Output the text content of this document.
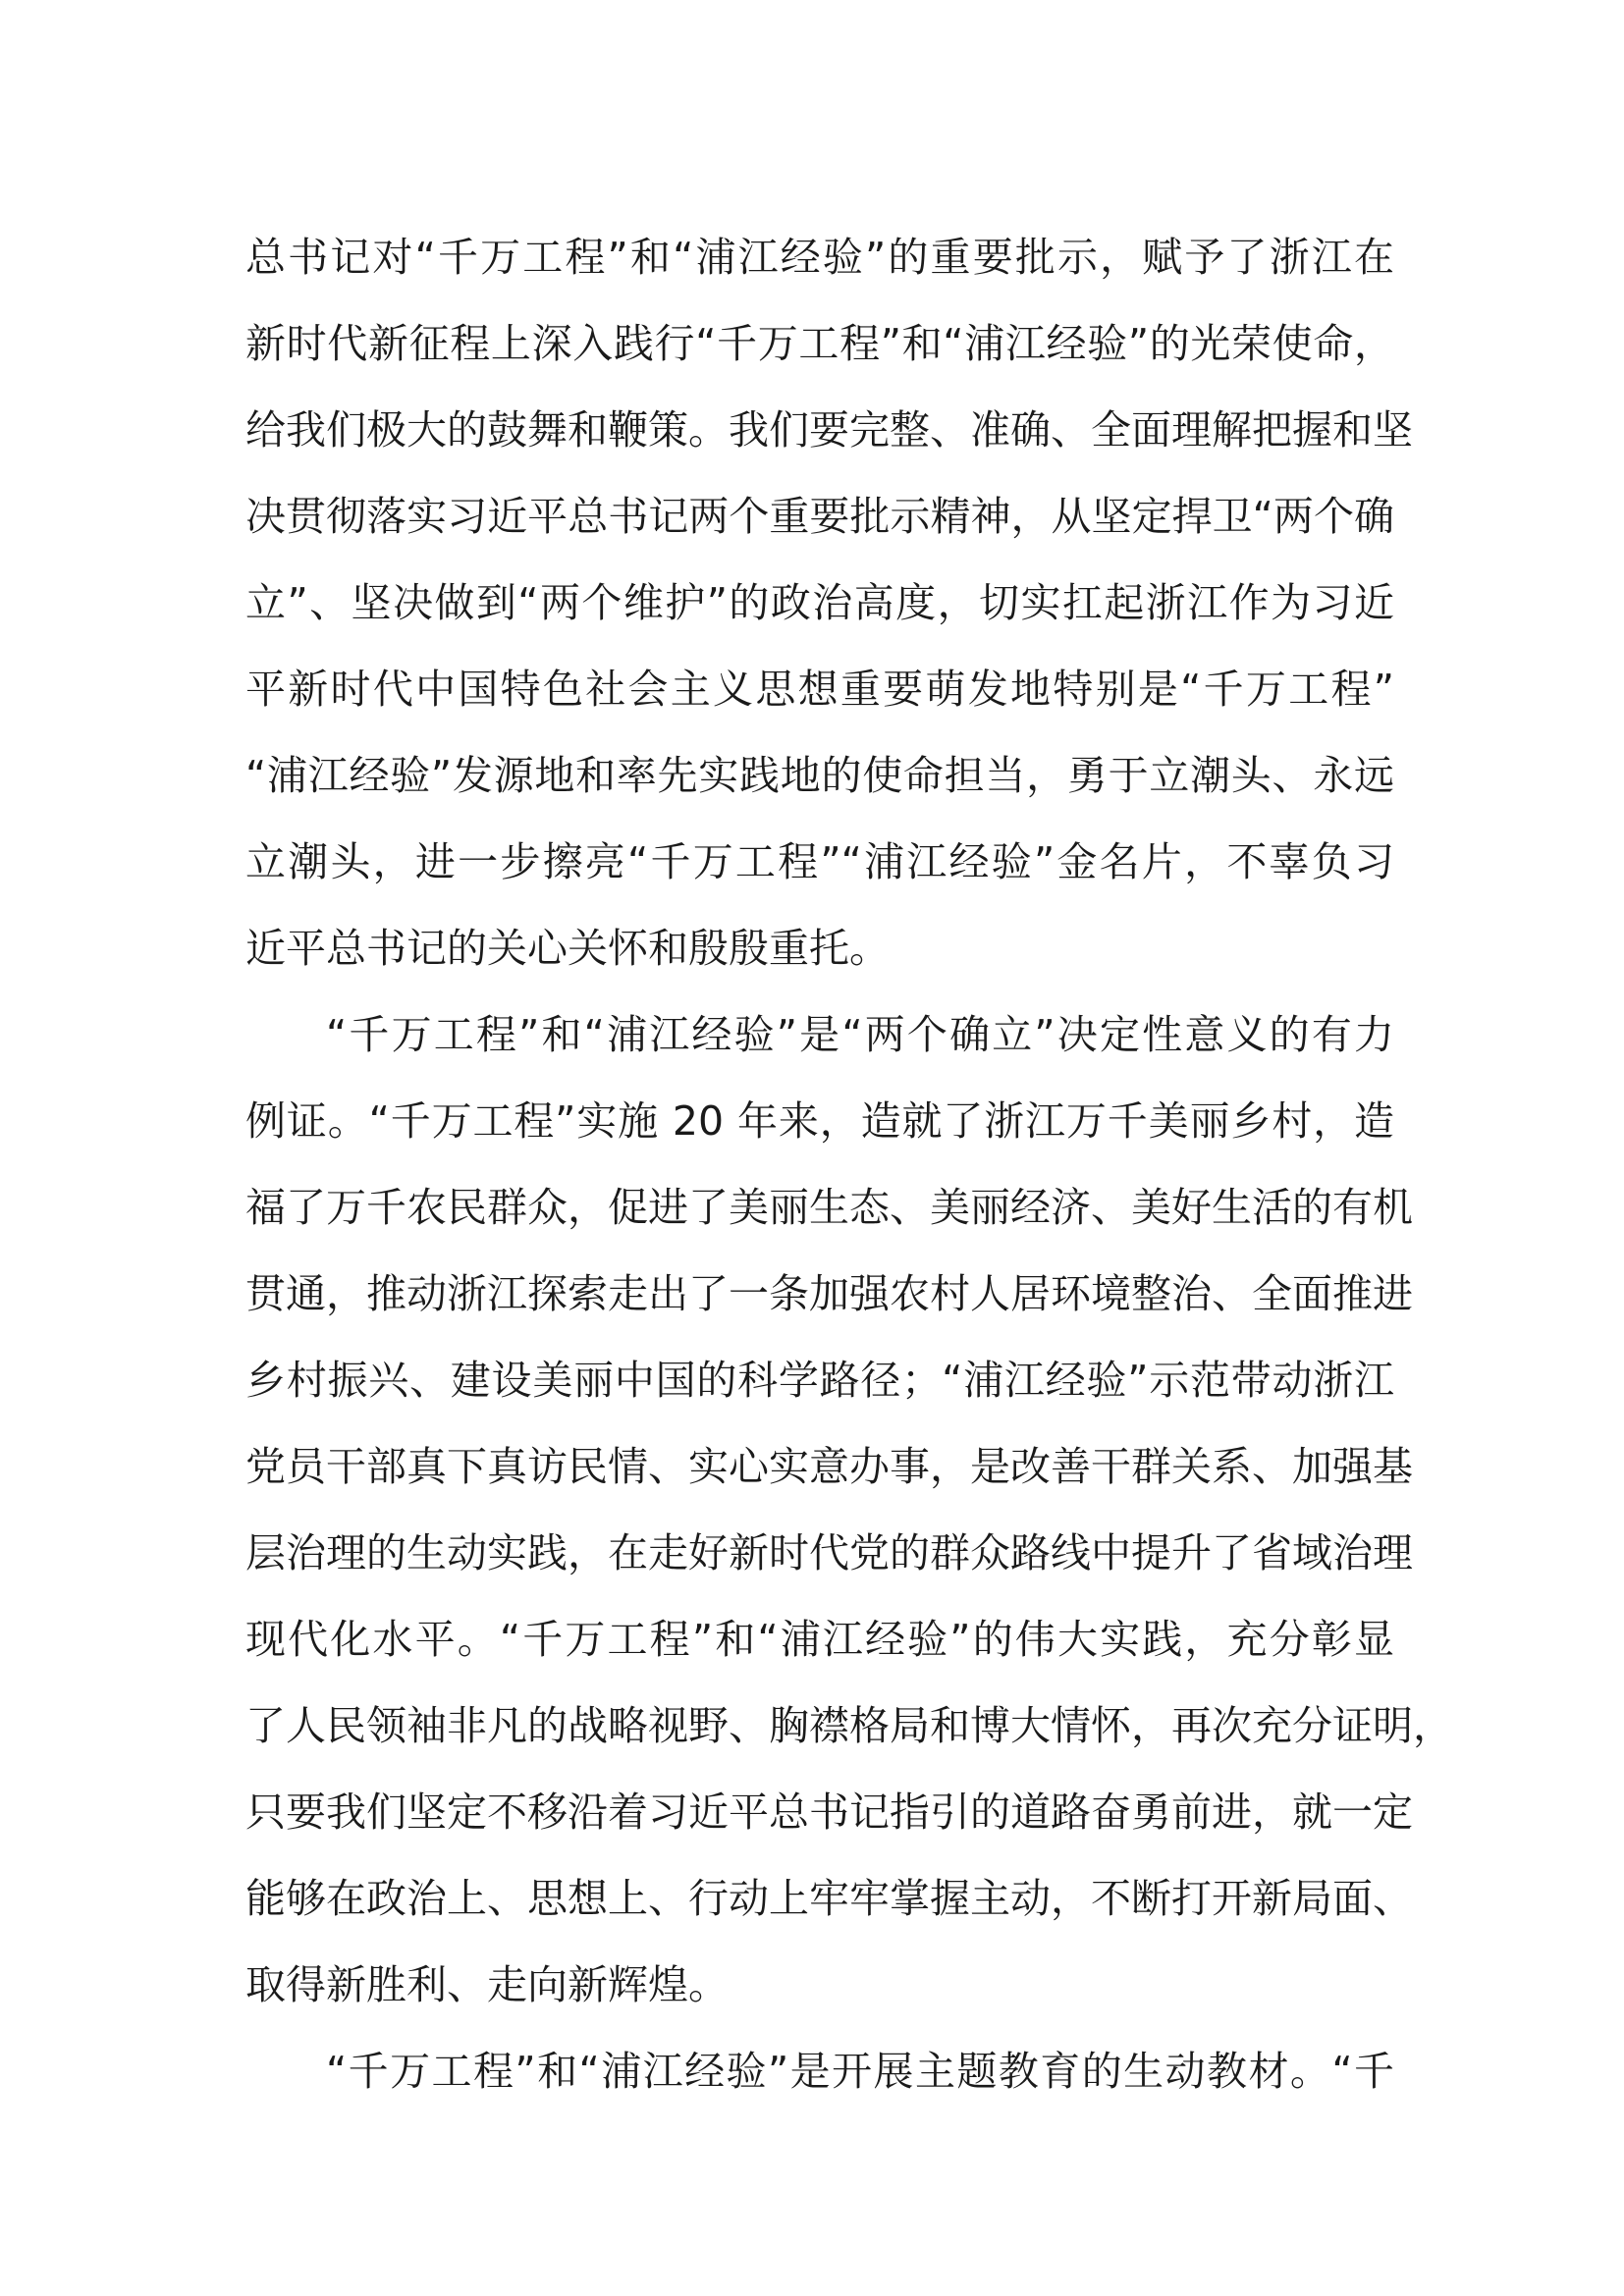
总书记对“千万工程”和“浦江经验”的重要批示，赋予了浙江在
新时代新征程上深入践行“千万工程”和“浦江经验”的光荣使命，
给我们极大的鼓舞和鞭策。我们要完整、准确、全面理解把握和坚
决贯彻落实习近平总书记两个重要批示精神，从坚定捍卫“两个确
立”、坚决做到“两个维护”的政治高度，切实扛起浙江作为习近
平新时代中国特色社会主义思想重要萌发地特别是“千万工程”
“浦江经验”发源地和率先实践地的使命担当，勇于立潮头、永远
立潮头，进一步擦亮“千万工程”“浦江经验”金名片，不辜负习
近平总书记的关心关怀和殷殷重托。
“千万工程”和“浦江经验”是“两个确立”决定性意义的有力
例证。“千万工程”实施 20 年来，造就了浙江万千美丽乡村，造
福了万千农民群众，促进了美丽生态、美丽经济、美好生活的有机
贯通，推动浙江探索走出了一条加强农村人居环境整治、全面推进
乡村振兴、建设美丽中国的科学路径；“浦江经验”示范带动浙江
党员干部真下真访民情、实心实意办事，是改善干群关系、加强基
层治理的生动实践，在走好新时代党的群众路线中提升了省域治理
现代化水平。“千万工程”和“浦江经验”的伟大实践，充分彰显
了人民领袖非凡的战略视野、胸襟格局和博大情怀，再次充分证明，
只要我们坚定不移沿着习近平总书记指引的道路奋勇前进，就一定
能够在政治上、思想上、行动上牢牢掌握主动，不断打开新局面、
取得新胜利、走向新辉煌。
“千万工程”和“浦江经验”是开展主题教育的生动教材。“千
